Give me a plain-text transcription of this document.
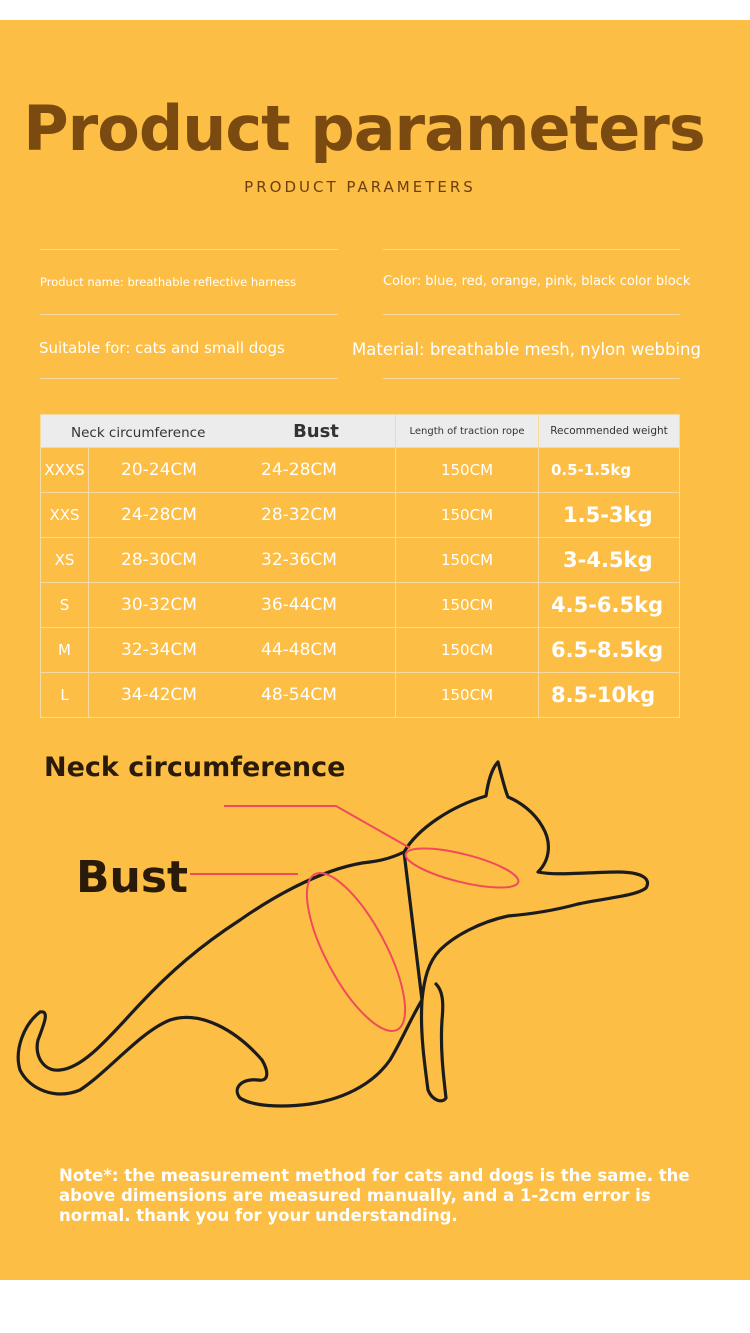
Product parameters
PRODUCT PARAMETERS
Product name: breathable reflective harness	Color: blue, red, orange, pink, black color block
Suitable for: cats and small dogs	Material: breathable mesh, nylon webbing
Neck circumference Bust		Length of traction rope	Recommended weight
XXXS	20-24CM 24-28CM	150CM	0.5-1.5kg
XXS	24-28CM 28-32CM	150CM	1.5-3kg
XS	28-30CM 32-36CM	150CM	3-4.5kg
S	30-32CM 36-44CM	150CM	4.5-6.5kg
M	32-34CM 44-48CM	150CM	6.5-8.5kg
L	34-42CM 48-54CM	150CM	8.5-10kg
Neck circumference
Bust
Note*: the measurement method for cats and dogs is the same. the above dimensions are measured manually, and a 1-2cm error is normal. thank you for your understanding.
